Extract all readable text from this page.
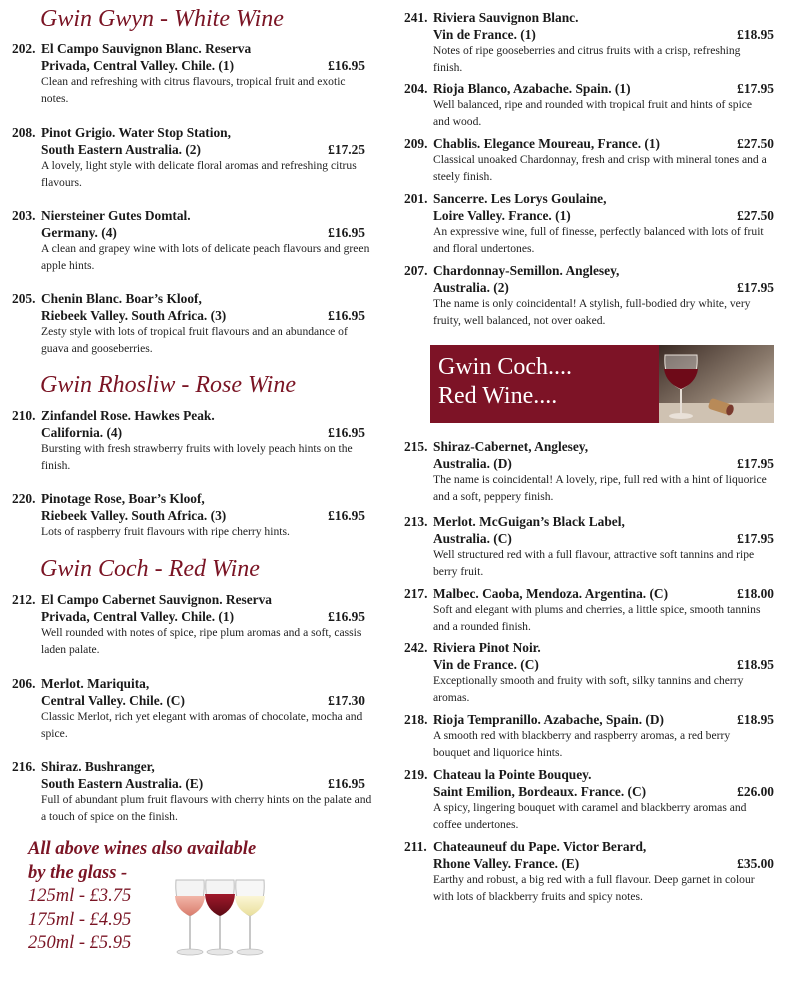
Gwin Gwyn - White Wine
202. El Campo Sauvignon Blanc. Reserva
Privada, Central Valley. Chile. (1)	£16.95
Clean and refreshing with citrus flavours, tropical fruit and exotic notes.
208. Pinot Grigio. Water Stop Station,
South Eastern Australia. (2)	£17.25
A lovely, light style with delicate floral aromas and refreshing citrus flavours.
203. Niersteiner Gutes Domtal.
Germany. (4)	£16.95
A clean and grapey wine with lots of delicate peach flavours and green apple hints.
205. Chenin Blanc. Boar’s Kloof,
Riebeek Valley. South Africa. (3)	£16.95
Zesty style with lots of tropical fruit flavours and an abundance of guava and gooseberries.
Gwin Rhosliw - Rose Wine
210. Zinfandel Rose. Hawkes Peak.
California. (4)	£16.95
Bursting with fresh strawberry fruits with lovely peach hints on the finish.
220. Pinotage Rose, Boar’s Kloof,
Riebeek Valley. South Africa. (3)	£16.95
Lots of raspberry fruit flavours with ripe cherry hints.
Gwin Coch - Red Wine
212. El Campo Cabernet Sauvignon. Reserva
Privada, Central Valley. Chile. (1)	£16.95
Well rounded with notes of spice, ripe plum aromas and a soft, cassis laden palate.
206. Merlot. Mariquita,
Central Valley. Chile. (C)	£17.30
Classic Merlot, rich yet elegant with aromas of chocolate, mocha and spice.
216. Shiraz. Bushranger,
South Eastern Australia. (E)	£16.95
Full of abundant plum fruit flavours with cherry hints on the palate and a touch of spice on the finish.
All above wines also available
by the glass -
125ml - £3.75
175ml - £4.95
250ml - £5.95
241. Riviera Sauvignon Blanc.
Vin de France. (1)	£18.95
Notes of ripe gooseberries and citrus fruits with a crisp, refreshing finish.
204. Rioja Blanco, Azabache. Spain. (1)	£17.95
Well balanced, ripe and rounded with tropical fruit and hints of spice and wood.
209. Chablis. Elegance Moureau, France. (1)	£27.50
Classical unoaked Chardonnay, fresh and crisp with mineral tones and a steely finish.
201. Sancerre. Les Lorys Goulaine,
Loire Valley. France. (1)	£27.50
An expressive wine, full of finesse, perfectly balanced with lots of fruit and floral undertones.
207. Chardonnay-Semillon. Anglesey,
Australia. (2)	£17.95
The name is only coincidental! A stylish, full-bodied dry white, very fruity, well balanced, not over oaked.
215. Shiraz-Cabernet, Anglesey,
Australia. (D)	£17.95
The name is coincidental! A lovely, ripe, full red with a hint of liquorice and a soft, peppery finish.
213. Merlot. McGuigan’s Black Label,
Australia. (C)	£17.95
Well structured red with a full flavour, attractive soft tannins and ripe berry fruit.
217. Malbec. Caoba, Mendoza. Argentina. (C)	£18.00
Soft and elegant with plums and cherries, a little spice, smooth tannins and a rounded finish.
242. Riviera Pinot Noir.
Vin de France. (C)	£18.95
Exceptionally smooth and fruity with soft, silky tannins and cherry aromas.
218. Rioja Tempranillo. Azabache, Spain. (D)	£18.95
A smooth red with blackberry and raspberry aromas, a red berry bouquet and liquorice hints.
219. Chateau la Pointe Bouquey.
Saint Emilion, Bordeaux. France. (C)	£26.00
A spicy, lingering bouquet with caramel and blackberry aromas and coffee undertones.
211. Chateauneuf du Pape. Victor Berard,
Rhone Valley. France. (E)	£35.00
Earthy and robust, a big red with a full flavour. Deep garnet in colour with lots of blackberry fruits and spicy notes.
Gwin Coch....
Red Wine....
